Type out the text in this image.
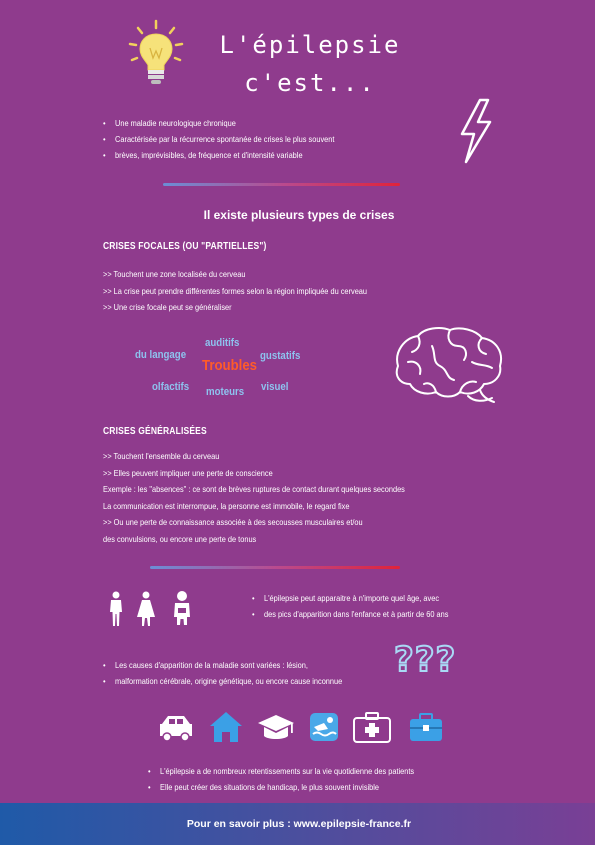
L'épilepsie
c'est...
• Une maladie neurologique chronique
• Caractérisée par la récurrence spontanée de crises le plus souvent
• brèves, imprévisibles, de fréquence et d'intensité variable
Il existe plusieurs types de crises
CRISES FOCALES (OU "PARTIELLES")
>> Touchent une zone localisée du cerveau
>> La crise peut prendre différentes formes selon la région impliquée du cerveau
>> Une crise focale peut se généraliser
auditifs
du langage
Troubles
gustatifs
olfactifs moteurs visuel
CRISES GÉNÉRALISÉES
>> Touchent l'ensemble du cerveau
>> Elles peuvent impliquer une perte de conscience
Exemple : les "absences" : ce sont de brèves ruptures de contact durant quelques secondes
La communication est interrompue, la personne est immobile, le regard fixe
>> Ou une perte de connaissance associée à des secousses musculaires et/ou
des convulsions, ou encore une perte de tonus
• L'épilepsie peut apparaitre à n'importe quel âge, avec
• des pics d'apparition dans l'enfance et à partir de 60 ans
• Les causes d'apparition de la maladie sont variées : lésion,
• malformation cérébrale, origine génétique, ou encore cause inconnue
???
• L'épilepsie a de nombreux retentissements sur la vie quotidienne des patients
• Elle peut créer des situations de handicap, le plus souvent invisible
Pour en savoir plus : www.epilepsie-france.fr
